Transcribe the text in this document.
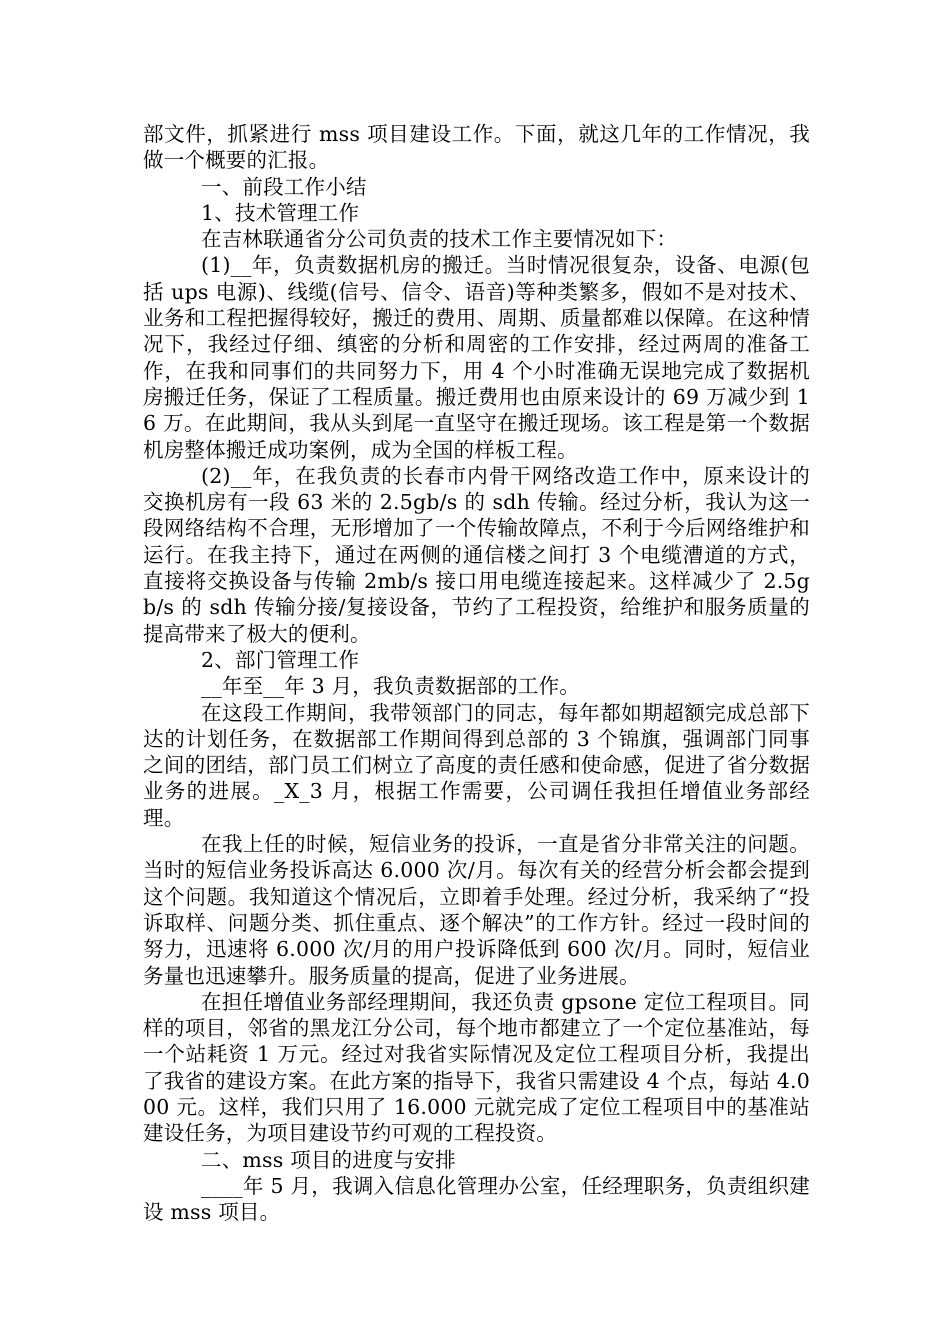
部文件，抓紧进行 mss 项目建设工作。下面，就这几年的工作情况，我做一个概要的汇报。

一、前段工作小结

1、技术管理工作

在吉林联通省分公司负责的技术工作主要情况如下：

(1)__年，负责数据机房的搬迁。当时情况很复杂，设备、电源(包括 ups 电源)、线缆(信号、信令、语音)等种类繁多，假如不是对技术、业务和工程把握得较好，搬迁的费用、周期、质量都难以保障。在这种情况下，我经过仔细、缜密的分析和周密的工作安排，经过两周的准备工作，在我和同事们的共同努力下，用 4 个小时准确无误地完成了数据机房搬迁任务，保证了工程质量。搬迁费用也由原来设计的 69 万减少到 16 万。在此期间，我从头到尾一直坚守在搬迁现场。该工程是第一个数据机房整体搬迁成功案例，成为全国的样板工程。

(2)__年，在我负责的长春市内骨干网络改造工作中，原来设计的交换机房有一段 63 米的 2.5gb/s 的 sdh 传输。经过分析，我认为这一段网络结构不合理，无形增加了一个传输故障点，不利于今后网络维护和运行。在我主持下，通过在两侧的通信楼之间打 3 个电缆漕道的方式，直接将交换设备与传输 2mb/s 接口用电缆连接起来。这样减少了 2.5gb/s 的 sdh 传输分接/复接设备，节约了工程投资，给维护和服务质量的提高带来了极大的便利。

2、部门管理工作

__年至__年 3 月，我负责数据部的工作。

在这段工作期间，我带领部门的同志，每年都如期超额完成总部下达的计划任务，在数据部工作期间得到总部的 3 个锦旗，强调部门同事之间的团结，部门员工们树立了高度的责任感和使命感，促进了省分数据业务的进展。_X_3 月，根据工作需要，公司调任我担任增值业务部经理。

在我上任的时候，短信业务的投诉，一直是省分非常关注的问题。当时的短信业务投诉高达 6.000 次/月。每次有关的经营分析会都会提到这个问题。我知道这个情况后，立即着手处理。经过分析，我采纳了“投诉取样、问题分类、抓住重点、逐个解决”的工作方针。经过一段时间的努力，迅速将 6.000 次/月的用户投诉降低到 600 次/月。同时，短信业务量也迅速攀升。服务质量的提高，促进了业务进展。

在担任增值业务部经理期间，我还负责 gpsone 定位工程项目。同样的项目，邻省的黑龙江分公司，每个地市都建立了一个定位基准站，每一个站耗资 1 万元。经过对我省实际情况及定位工程项目分析，我提出了我省的建设方案。在此方案的指导下，我省只需建设 4 个点，每站 4.000 元。这样，我们只用了 16.000 元就完成了定位工程项目中的基准站建设任务，为项目建设节约可观的工程投资。

二、mss 项目的进度与安排

____年 5 月，我调入信息化管理办公室，任经理职务，负责组织建设 mss 项目。
